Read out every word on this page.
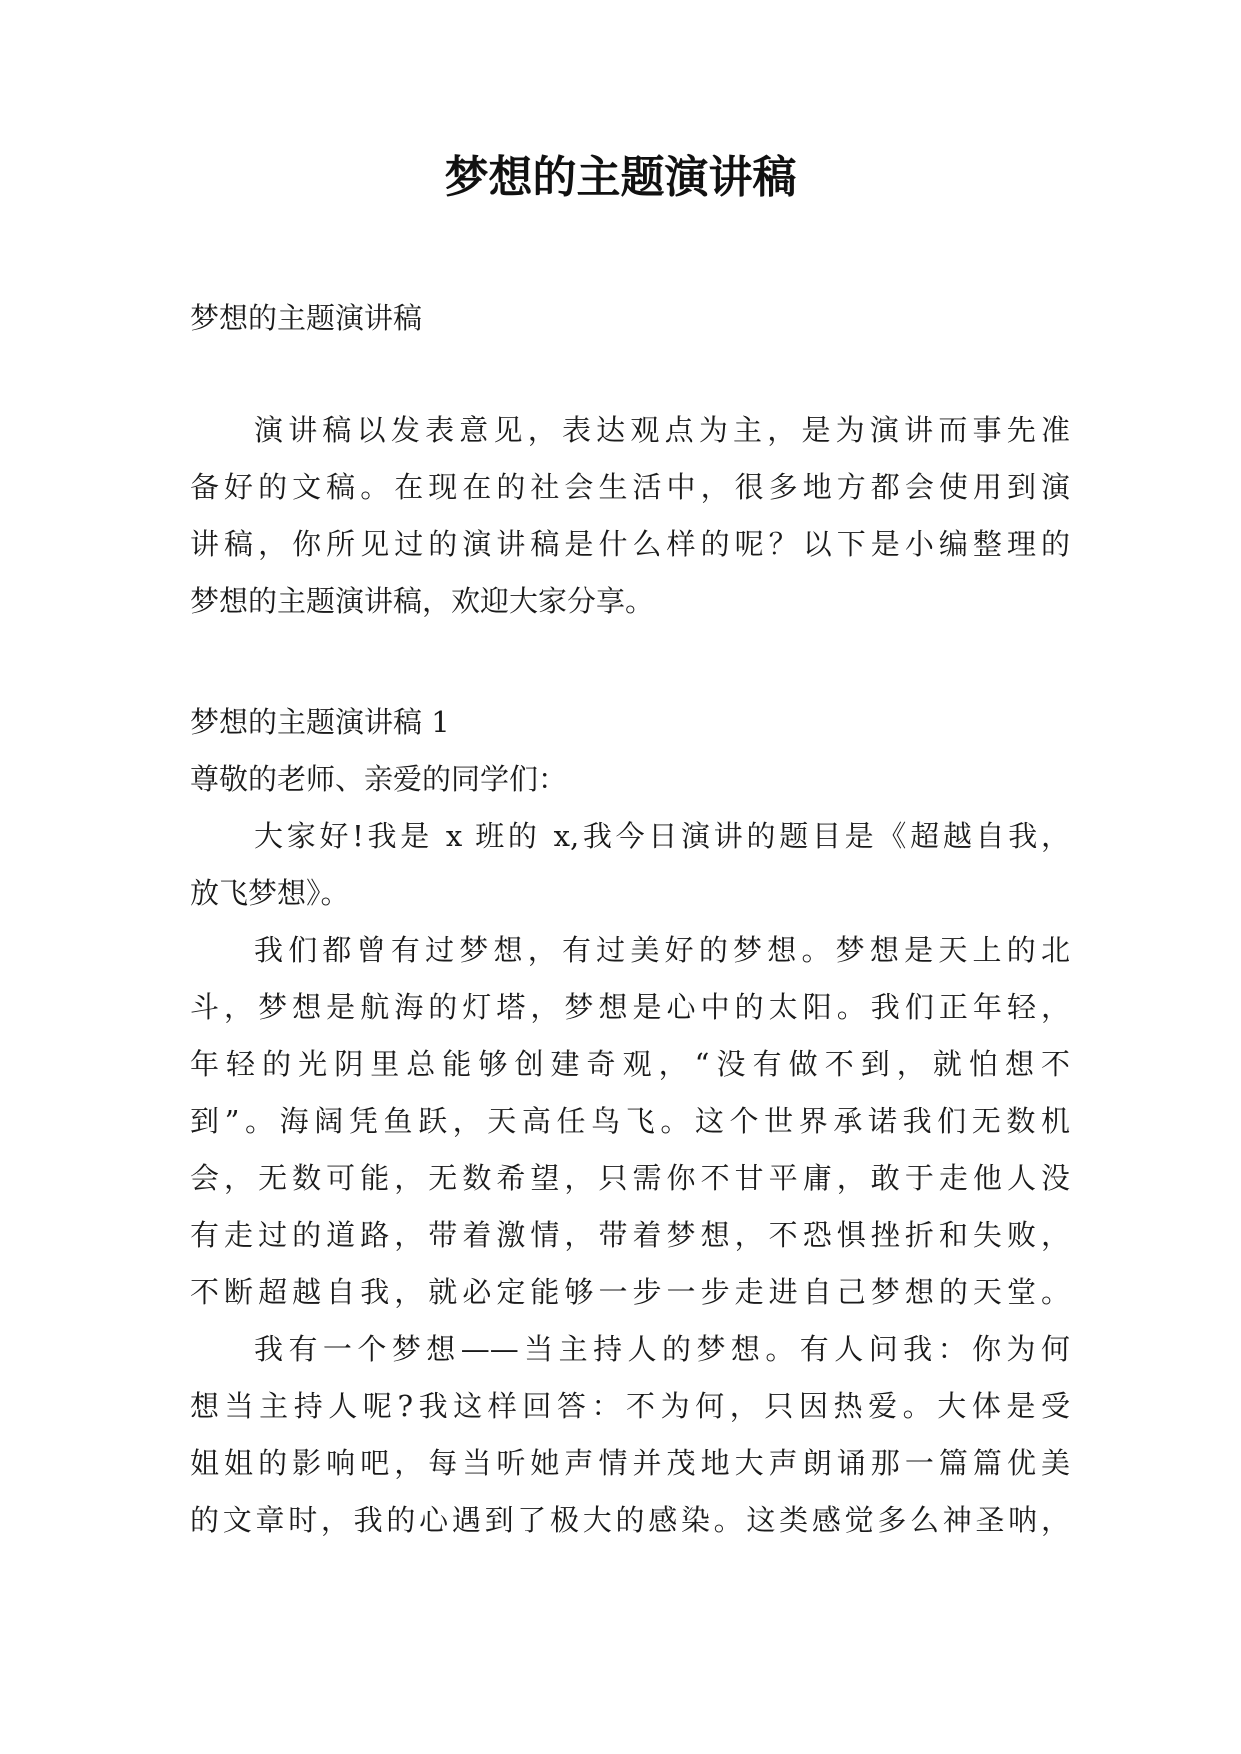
梦想的主题演讲稿

梦想的主题演讲稿

演讲稿以发表意见，表达观点为主，是为演讲而事先准
备好的文稿。在现在的社会生活中，很多地方都会使用到演
讲稿，你所见过的演讲稿是什么样的呢？以下是小编整理的
梦想的主题演讲稿，欢迎大家分享。

梦想的主题演讲稿 1

尊敬的老师、亲爱的同学们：

大家好!我是 x 班的 x,我今日演讲的题目是《超越自我，
放飞梦想》。
我们都曾有过梦想，有过美好的梦想。梦想是天上的北
斗，梦想是航海的灯塔，梦想是心中的太阳。我们正年轻，
年轻的光阴里总能够创建奇观，“没有做不到，就怕想不
到”。海阔凭鱼跃，天高任鸟飞。这个世界承诺我们无数机
会，无数可能，无数希望，只需你不甘平庸，敢于走他人没
有走过的道路，带着激情，带着梦想，不恐惧挫折和失败，
不断超越自我，就必定能够一步一步走进自己梦想的天堂。
我有一个梦想——当主持人的梦想。有人问我：你为何
想当主持人呢?我这样回答：不为何，只因热爱。大体是受
姐姐的影响吧，每当听她声情并茂地大声朗诵那一篇篇优美
的文章时，我的心遇到了极大的感染。这类感觉多么神圣呐，
